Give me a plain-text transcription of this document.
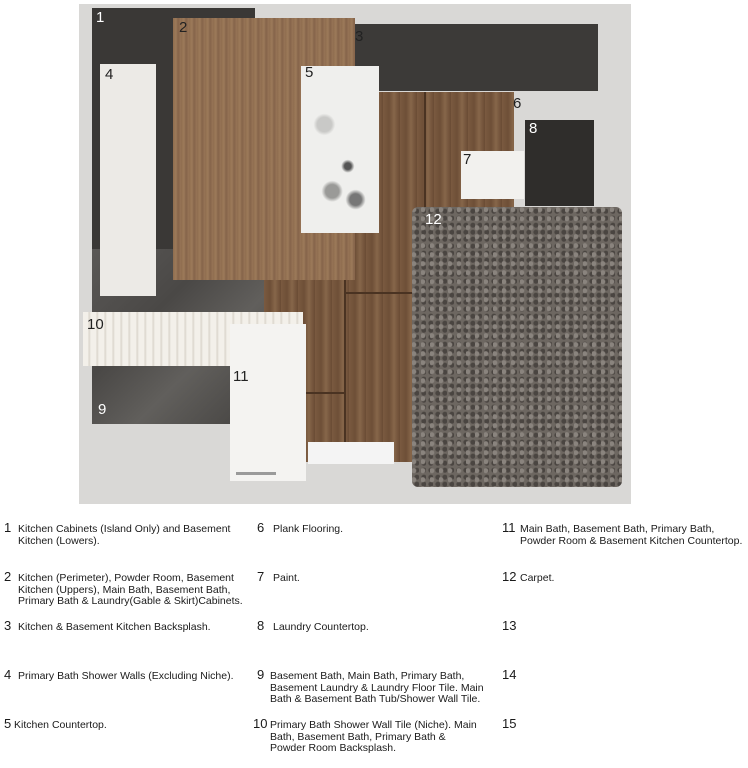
1
2
3
4	5
6
7
8
9
10
11
12
1 Kitchen Cabinets (Island Only) and Basement Kitchen (Lowers).
2 Kitchen (Perimeter), Powder Room, Basement Kitchen (Uppers), Main Bath, Basement Bath, Primary Bath & Laundry(Gable & Skirt)Cabinets.
3 Kitchen & Basement Kitchen Backsplash.
4 Primary Bath Shower Walls (Excluding Niche).
5 Kitchen Countertop.
6 Plank Flooring.
7 Paint.
8 Laundry Countertop.
9 Basement Bath, Main Bath, Primary Bath, Basement Laundry & Laundry Floor Tile. Main Bath & Basement Bath Tub/Shower Wall Tile.
10 Primary Bath Shower Wall Tile (Niche). Main Bath, Basement Bath, Primary Bath & Powder Room Backsplash.
11 Main Bath, Basement Bath, Primary Bath, Powder Room & Basement Kitchen Countertop.
12 Carpet.
13
14
15
